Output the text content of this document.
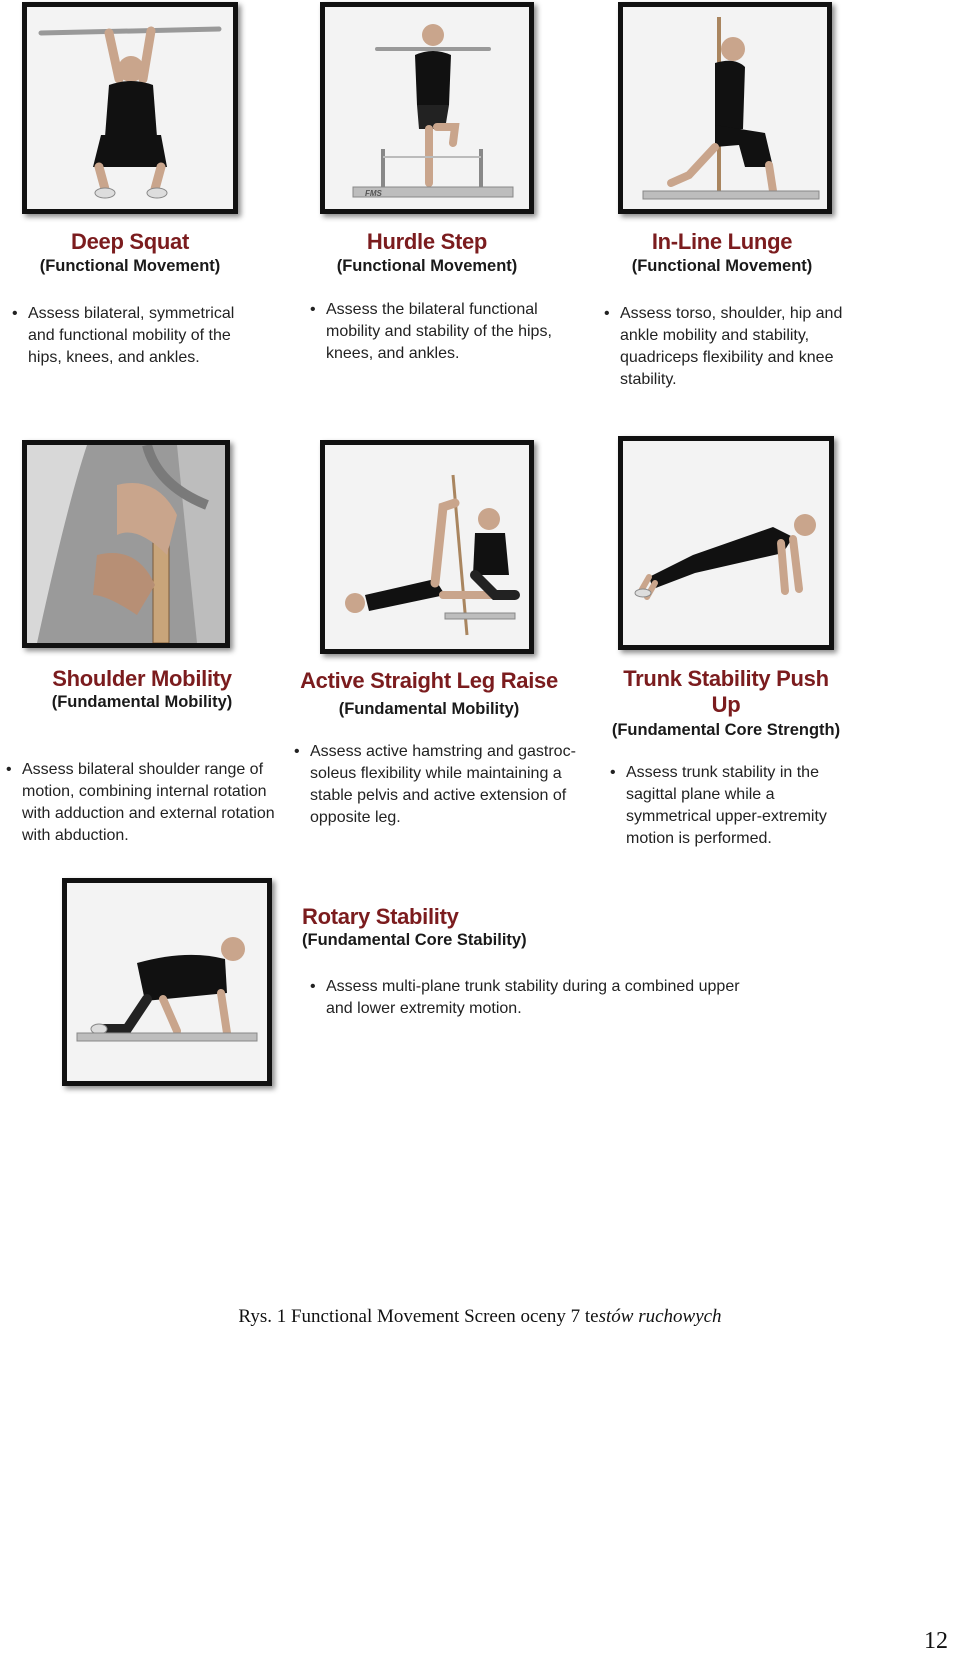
FMS
Deep Squat
(Functional Movement)
• Assess bilateral, symmetrical and functional mobility of the hips, knees, and ankles.
Hurdle Step
(Functional Movement)
• Assess the bilateral functional mobility and stability of the hips, knees, and ankles.
In-Line Lunge
(Functional Movement)
• Assess torso, shoulder, hip and ankle mobility and stability, quadriceps flexibility and knee stability.
Shoulder Mobility
(Fundamental Mobility)
• Assess bilateral shoulder range of motion, combining internal rotation with adduction and external rotation with abduction.
Active Straight Leg Raise
(Fundamental Mobility)
• Assess active hamstring and gastroc-soleus flexibility while maintaining a stable pelvis and active extension of opposite leg.
Trunk Stability Push Up
(Fundamental Core Strength)
• Assess trunk stability in the sagittal plane while a symmetrical upper-extremity motion is performed.
Rotary Stability
(Fundamental Core Stability)
• Assess multi-plane trunk stability during a combined upper and lower extremity motion.
Rys. 1 Functional Movement Screen oceny 7 testów ruchowych
12
